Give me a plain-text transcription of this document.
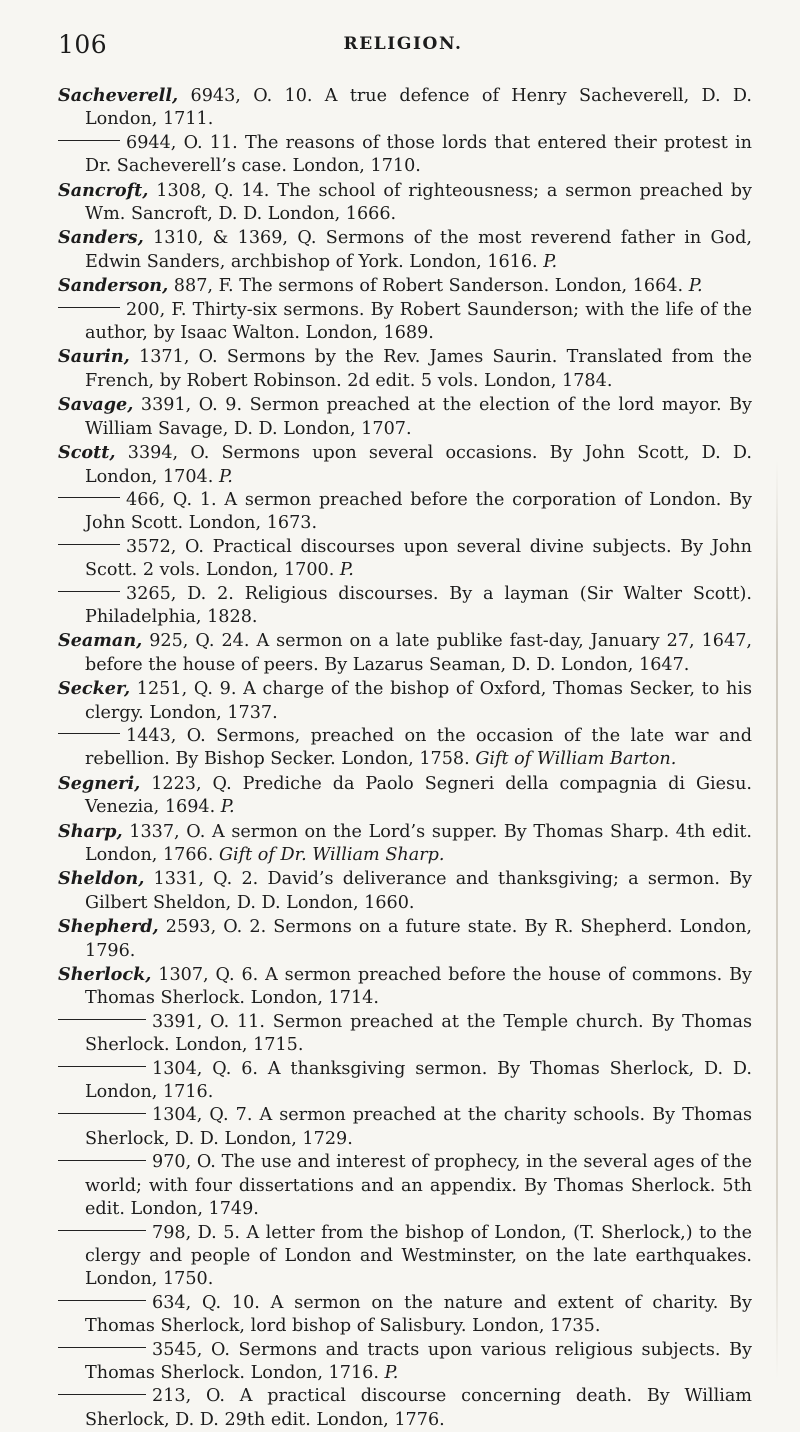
106	RELIGION.
Sacheverell, 6943, O. 10. A true defence of Henry Sacheverell, D. D. London, 1711.
6944, O. 11. The reasons of those lords that entered their protest in Dr. Sacheverell’s case. London, 1710.
Sancroft, 1308, Q. 14. The school of righteousness; a sermon preached by Wm. Sancroft, D. D. London, 1666.
Sanders, 1310, & 1369, Q. Sermons of the most reverend father in God, Edwin Sanders, archbishop of York. London, 1616. P.
Sanderson, 887, F. The sermons of Robert Sanderson. London, 1664. P.
200, F. Thirty-six sermons. By Robert Saunderson; with the life of the author, by Isaac Walton. London, 1689.
Saurin, 1371, O. Sermons by the Rev. James Saurin. Translated from the French, by Robert Robinson. 2d edit. 5 vols. London, 1784.
Savage, 3391, O. 9. Sermon preached at the election of the lord mayor. By William Savage, D. D. London, 1707.
Scott, 3394, O. Sermons upon several occasions. By John Scott, D. D. London, 1704. P.
466, Q. 1. A sermon preached before the corporation of London. By John Scott. London, 1673.
3572, O. Practical discourses upon several divine subjects. By John Scott. 2 vols. London, 1700. P.
3265, D. 2. Religious discourses. By a layman (Sir Walter Scott). Philadelphia, 1828.
Seaman, 925, Q. 24. A sermon on a late publike fast-day, January 27, 1647, before the house of peers. By Lazarus Seaman, D. D. London, 1647.
Secker, 1251, Q. 9. A charge of the bishop of Oxford, Thomas Secker, to his clergy. London, 1737.
1443, O. Sermons, preached on the occasion of the late war and rebellion. By Bishop Secker. London, 1758. Gift of William Barton.
Segneri, 1223, Q. Prediche da Paolo Segneri della compagnia di Giesu. Venezia, 1694. P.
Sharp, 1337, O. A sermon on the Lord’s supper. By Thomas Sharp. 4th edit. London, 1766. Gift of Dr. William Sharp.
Sheldon, 1331, Q. 2. David’s deliverance and thanksgiving; a sermon. By Gilbert Sheldon, D. D. London, 1660.
Shepherd, 2593, O. 2. Sermons on a future state. By R. Shepherd. London, 1796.
Sherlock, 1307, Q. 6. A sermon preached before the house of commons. By Thomas Sherlock. London, 1714.
3391, O. 11. Sermon preached at the Temple church. By Thomas Sherlock. London, 1715.
1304, Q. 6. A thanksgiving sermon. By Thomas Sherlock, D. D. London, 1716.
1304, Q. 7. A sermon preached at the charity schools. By Thomas Sherlock, D. D. London, 1729.
970, O. The use and interest of prophecy, in the several ages of the world; with four dissertations and an appendix. By Thomas Sherlock. 5th edit. London, 1749.
798, D. 5. A letter from the bishop of London, (T. Sherlock,) to the clergy and people of London and Westminster, on the late earthquakes. London, 1750.
634, Q. 10. A sermon on the nature and extent of charity. By Thomas Sherlock, lord bishop of Salisbury. London, 1735.
3545, O. Sermons and tracts upon various religious subjects. By Thomas Sherlock. London, 1716. P.
213, O. A practical discourse concerning death. By William Sherlock, D. D. 29th edit. London, 1776.
